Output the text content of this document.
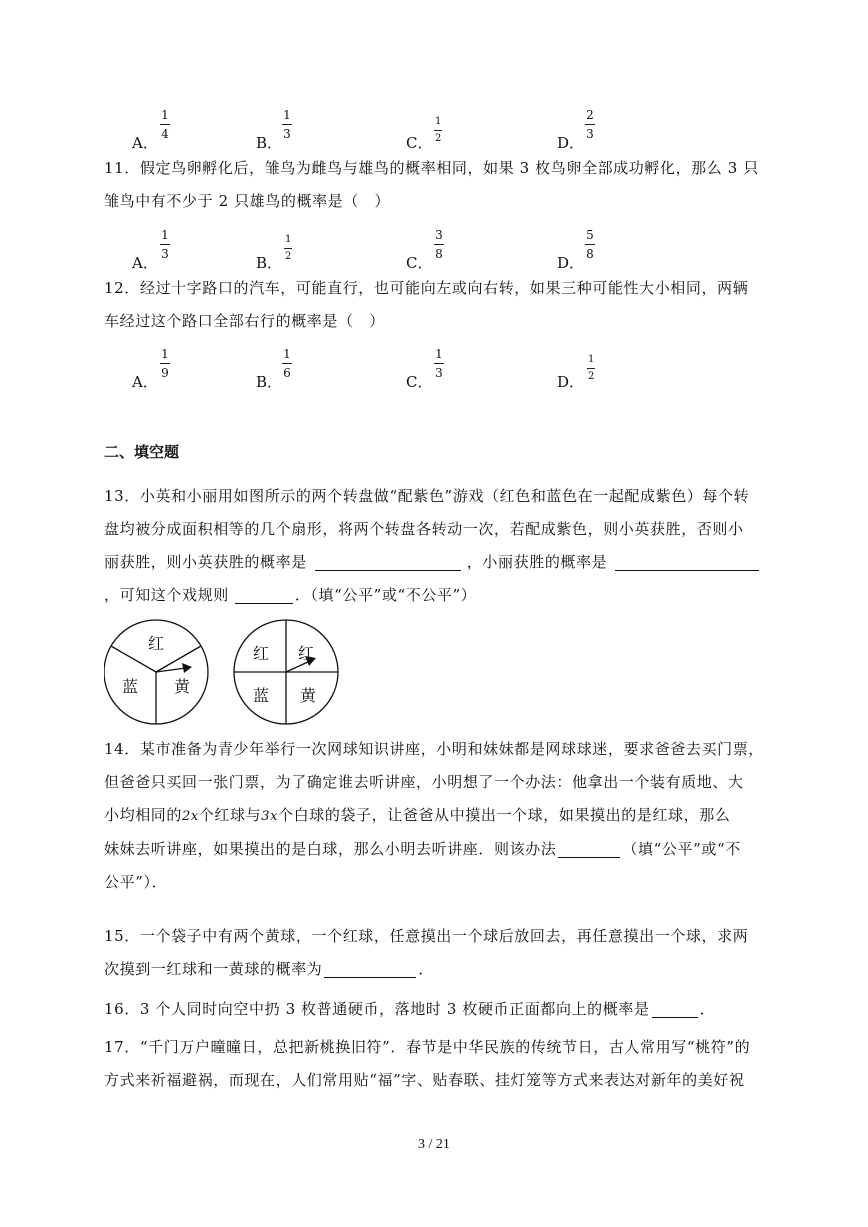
A．
1
4	B．
1
3	C．
1
2	D．
2
3

11．假定鸟卵孵化后，雏鸟为雌鸟与雄鸟的概率相同，如果 3 枚鸟卵全部成功孵化，那么 3 只

雏鸟中有不少于 2 只雄鸟的概率是（　）

A．
1
3	B．
1
2	C．
3
8	D．
5
8

12．经过十字路口的汽车，可能直行，也可能向左或向右转，如果三种可能性大小相同，两辆

车经过这个路口全部右行的概率是（　）

A．
1
9	B．
1
6	C．
1
3	D．
1
2
二、填空题

13．小英和小丽用如图所示的两个转盘做“配紫色”游戏（红色和蓝色在一起配成紫色）每个转

盘均被分成面积相等的几个扇形，将两个转盘各转动一次，若配成紫色，则小英获胜，否则小

丽获胜，则小英获胜的概率是	，小丽获胜的概率是

，可知这个戏规则	．（填“公平”或“不公平”）

红
蓝 黄
红 红
蓝 黄

14．某市准备为青少年举行一次网球知识讲座，小明和妹妹都是网球球迷，要求爸爸去买门票，

但爸爸只买回一张门票，为了确定谁去听讲座，小明想了一个办法：他拿出一个装有质地、大

小均相同的2x个红球与3x个白球的袋子，让爸爸从中摸出一个球，如果摸出的是红球，那么

妹妹去听讲座，如果摸出的是白球，那么小明去听讲座．则该办法	（填“公平”或“不

公平”）．

15．一个袋子中有两个黄球，一个红球，任意摸出一个球后放回去，再任意摸出一个球，求两

次摸到一红球和一黄球的概率为	．

16．3 个人同时向空中扔 3 枚普通硬币，落地时 3 枚硬币正面都向上的概率是	．

17．“千门万户曈曈日，总把新桃换旧符”．春节是中华民族的传统节日，古人常用写“桃符”的

方式来祈福避祸，而现在，人们常用贴“福”字、贴春联、挂灯笼等方式来表达对新年的美好祝

3 / 21
